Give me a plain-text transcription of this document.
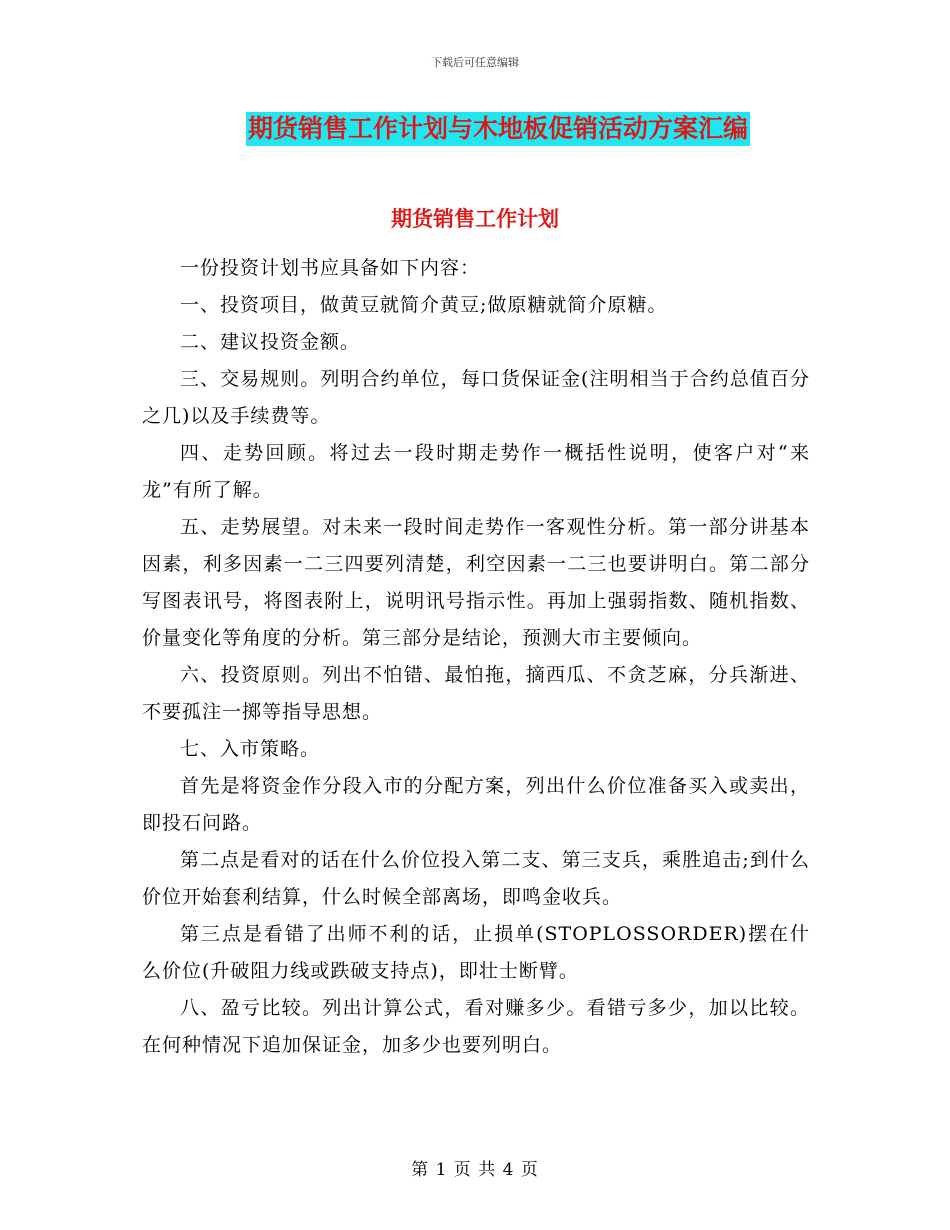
下载后可任意编辑
期货销售工作计划与木地板促销活动方案汇编
期货销售工作计划

一份投资计划书应具备如下内容：

一、投资项目，做黄豆就简介黄豆;做原糖就简介原糖。

二、建议投资金额。

三、交易规则。列明合约单位，每口货保证金(注明相当于合约总值百分之几)以及手续费等。

四、走势回顾。将过去一段时期走势作一概括性说明，使客户对“来龙”有所了解。

五、走势展望。对未来一段时间走势作一客观性分析。第一部分讲基本因素，利多因素一二三四要列清楚，利空因素一二三也要讲明白。第二部分写图表讯号，将图表附上，说明讯号指示性。再加上强弱指数、随机指数、价量变化等角度的分析。第三部分是结论，预测大市主要倾向。

六、投资原则。列出不怕错、最怕拖，摘西瓜、不贪芝麻，分兵渐进、不要孤注一掷等指导思想。

七、入市策略。

首先是将资金作分段入市的分配方案，列出什么价位准备买入或卖出，即投石问路。

第二点是看对的话在什么价位投入第二支、第三支兵，乘胜追击;到什么价位开始套利结算，什么时候全部离场，即鸣金收兵。

第三点是看错了出师不利的话，止损单(STOPLOSSORDER)摆在什么价位(升破阻力线或跌破支持点)，即壮士断臂。

八、盈亏比较。列出计算公式，看对赚多少。看错亏多少，加以比较。在何种情况下追加保证金，加多少也要列明白。

第 1 页 共 4 页
